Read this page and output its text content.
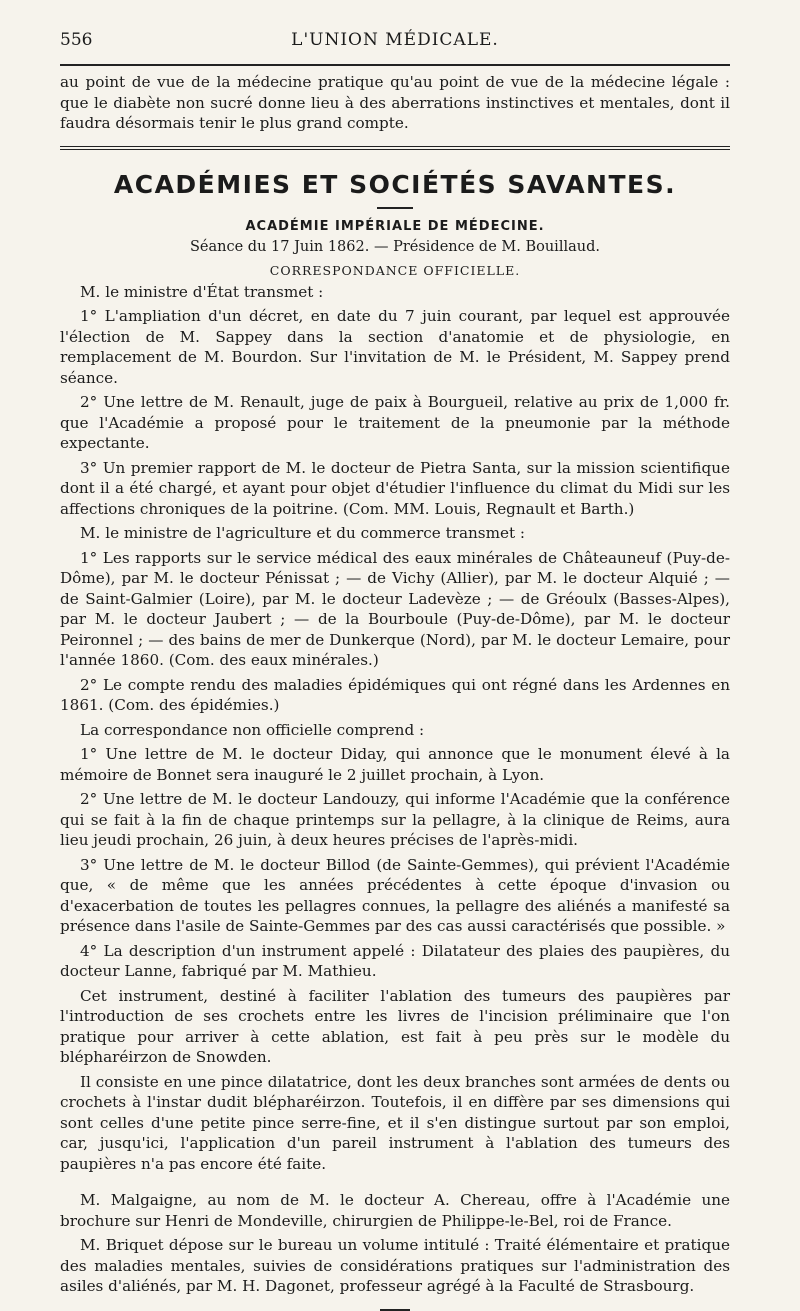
556	L'UNION MÉDICALE.

au point de vue de la médecine pratique qu'au point de vue de la médecine légale : que le diabète non sucré donne lieu à des aberrations instinctives et mentales, dont il faudra désormais tenir le plus grand compte.

ACADÉMIES ET SOCIÉTÉS SAVANTES.
ACADÉMIE IMPÉRIALE DE MÉDECINE.
Séance du 17 Juin 1862. — Présidence de M. Bouillaud.
CORRESPONDANCE OFFICIELLE.

M. le ministre d'État transmet :

1° L'ampliation d'un décret, en date du 7 juin courant, par lequel est approuvée l'élection de M. Sappey dans la section d'anatomie et de physiologie, en remplacement de M. Bourdon. Sur l'invitation de M. le Président, M. Sappey prend séance.

2° Une lettre de M. Renault, juge de paix à Bourgueil, relative au prix de 1,000 fr. que l'Académie a proposé pour le traitement de la pneumonie par la méthode expectante.

3° Un premier rapport de M. le docteur de Pietra Santa, sur la mission scientifique dont il a été chargé, et ayant pour objet d'étudier l'influence du climat du Midi sur les affections chroniques de la poitrine. (Com. MM. Louis, Regnault et Barth.)

M. le ministre de l'agriculture et du commerce transmet :

1° Les rapports sur le service médical des eaux minérales de Châteauneuf (Puy-de-Dôme), par M. le docteur Pénissat ; — de Vichy (Allier), par M. le docteur Alquié ; — de Saint-Galmier (Loire), par M. le docteur Ladevèze ; — de Gréoulx (Basses-Alpes), par M. le docteur Jaubert ; — de la Bourboule (Puy-de-Dôme), par M. le docteur Peironnel ; — des bains de mer de Dunkerque (Nord), par M. le docteur Lemaire, pour l'année 1860. (Com. des eaux minérales.)

2° Le compte rendu des maladies épidémiques qui ont régné dans les Ardennes en 1861. (Com. des épidémies.)

La correspondance non officielle comprend :

1° Une lettre de M. le docteur Diday, qui annonce que le monument élevé à la mémoire de Bonnet sera inauguré le 2 juillet prochain, à Lyon.

2° Une lettre de M. le docteur Landouzy, qui informe l'Académie que la conférence qui se fait à la fin de chaque printemps sur la pellagre, à la clinique de Reims, aura lieu jeudi prochain, 26 juin, à deux heures précises de l'après-midi.

3° Une lettre de M. le docteur Billod (de Sainte-Gemmes), qui prévient l'Académie que, « de même que les années précédentes à cette époque d'invasion ou d'exacerbation de toutes les pellagres connues, la pellagre des aliénés a manifesté sa présence dans l'asile de Sainte-Gemmes par des cas aussi caractérisés que possible. »

4° La description d'un instrument appelé : Dilatateur des plaies des paupières, du docteur Lanne, fabriqué par M. Mathieu.

Cet instrument, destiné à faciliter l'ablation des tumeurs des paupières par l'introduction de ses crochets entre les livres de l'incision préliminaire que l'on pratique pour arriver à cette ablation, est fait à peu près sur le modèle du blépharéirzon de Snowden.

Il consiste en une pince dilatatrice, dont les deux branches sont armées de dents ou crochets à l'instar dudit blépharéirzon. Toutefois, il en diffère par ses dimensions qui sont celles d'une petite pince serre-fine, et il s'en distingue surtout par son emploi, car, jusqu'ici, l'application d'un pareil instrument à l'ablation des tumeurs des paupières n'a pas encore été faite.

M. Malgaigne, au nom de M. le docteur A. Chereau, offre à l'Académie une brochure sur Henri de Mondeville, chirurgien de Philippe-le-Bel, roi de France.

M. Briquet dépose sur le bureau un volume intitulé : Traité élémentaire et pratique des maladies mentales, suivies de considérations pratiques sur l'administration des asiles d'aliénés, par M. H. Dagonet, professeur agrégé à la Faculté de Strasbourg.
